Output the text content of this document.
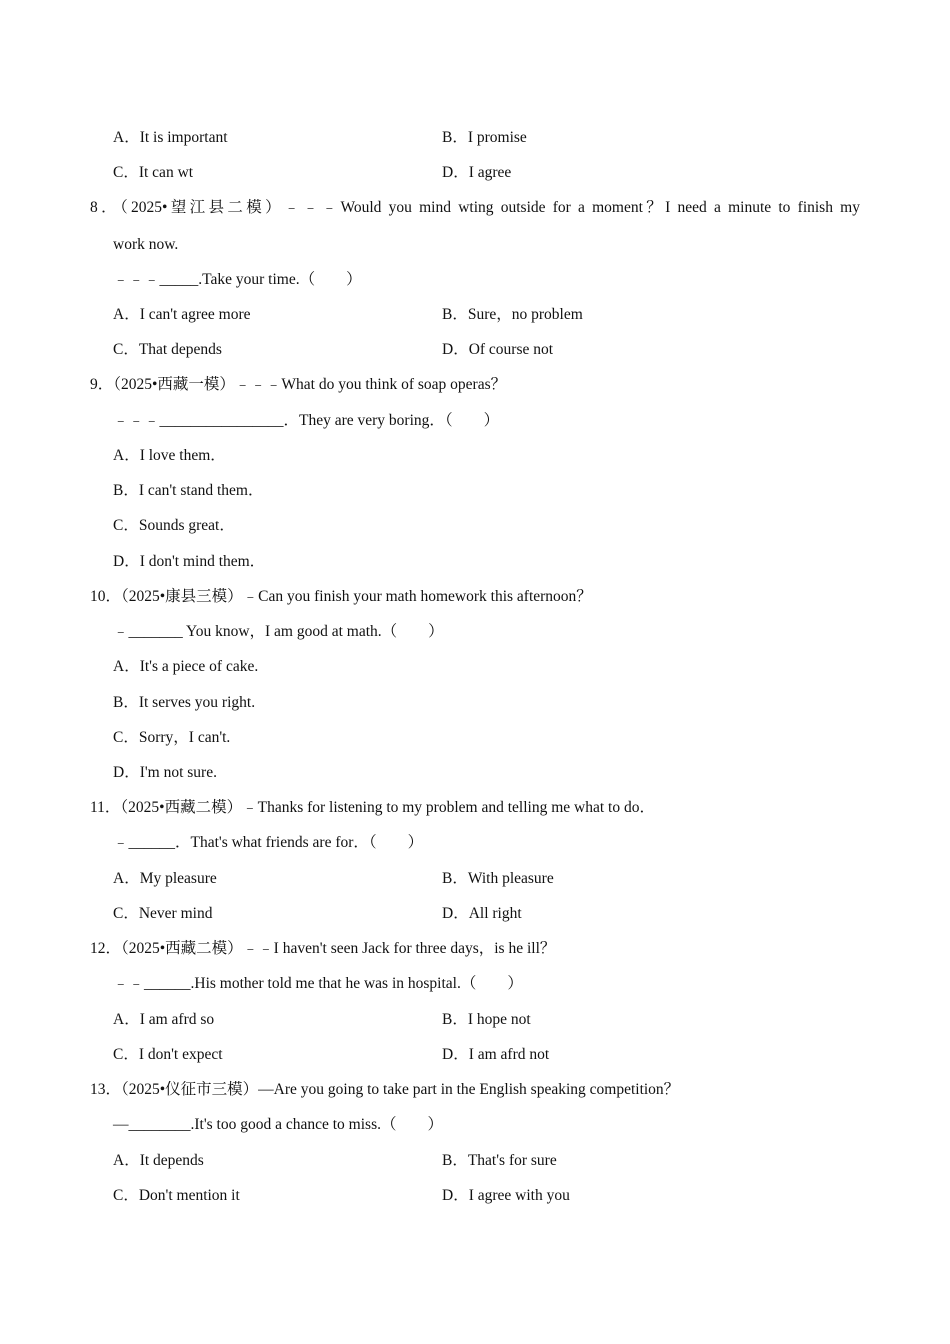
A．It is important	B．I promise
C．It can wt	D．I agree
8．（2025•望江县二模）﹣﹣﹣Would you mind wting outside for a moment？I need a minute to finish my
work now.
﹣﹣﹣_____.Take your time.（　　）
A．I can't agree more	B．Sure，no problem
C．That depends	D．Of course not
9．（2025•西藏一模）﹣﹣﹣What do you think of soap operas？
﹣﹣﹣________________．They are very boring．（　　）
A．I love them．
B．I can't stand them．
C．Sounds great．
D．I don't mind them．
10．（2025•康县三模）﹣Can you finish your math homework this afternoon？
﹣_______ You know，I am good at math.（　　）
A．It's a piece of cake.
B．It serves you right.
C．Sorry，I can't.
D．I'm not sure.
11．（2025•西藏二模）﹣Thanks for listening to my problem and telling me what to do．
﹣______．That's what friends are for．（　　）
A．My pleasure	B．With pleasure
C．Never mind	D．All right
12．（2025•西藏二模）﹣﹣I haven't seen Jack for three days，is he ill？
﹣﹣______.His mother told me that he was in hospital.（　　）
A．I am afrd so	B．I hope not
C．I don't expect	D．I am afrd not
13．（2025•仪征市三模）—Are you going to take part in the English speaking competition？
—________.It's too good a chance to miss.（　　）
A．It depends	B．That's for sure
C．Don't mention it	D．I agree with you
